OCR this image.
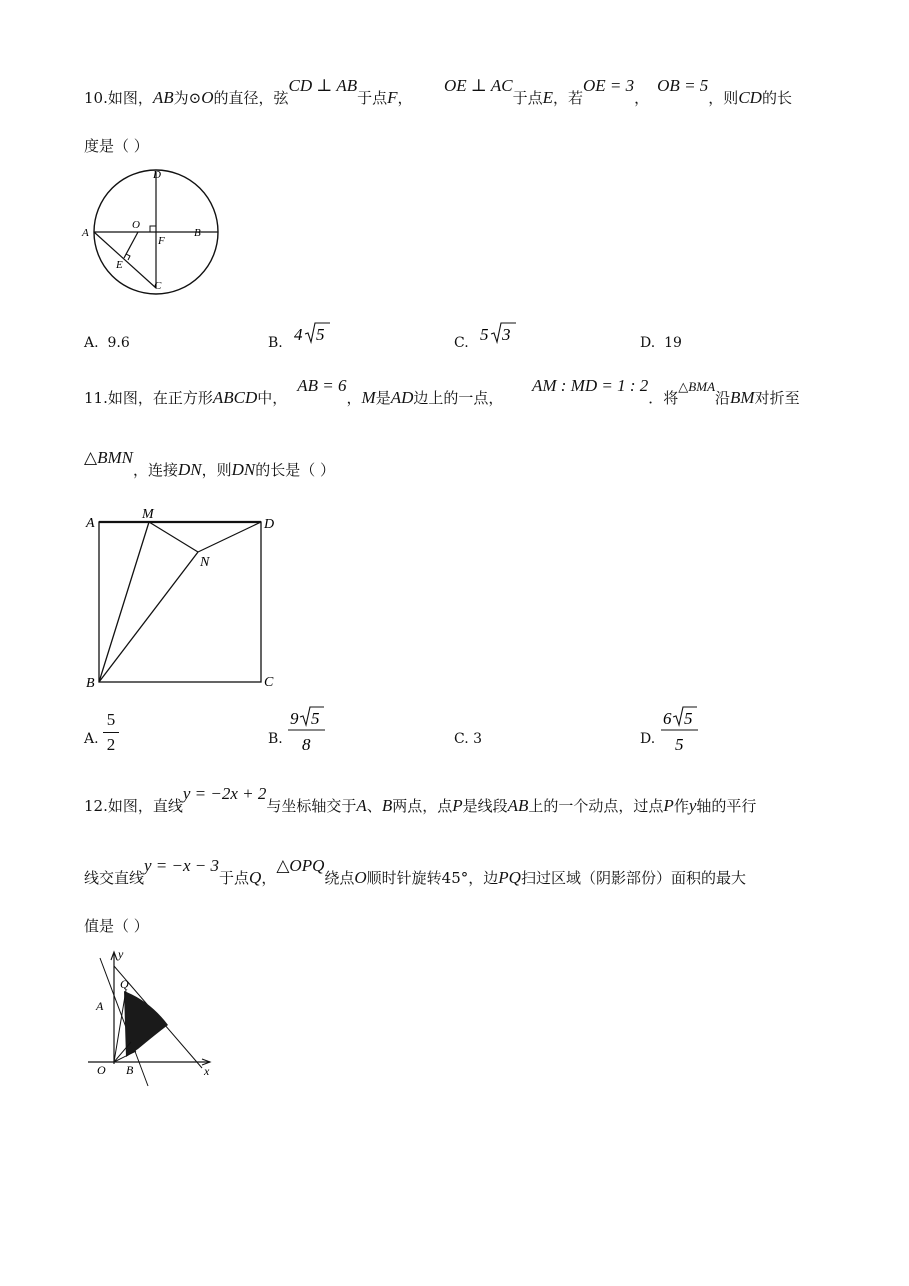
10.如图，AB为⊙O的直径，弦CD ⊥ AB于点F，
OE ⊥ AC于点E，若OE = 3，OB = 5，则CD的长
度是（ ）
D
A
O
F
B
E
C
A. 9.6	B. 4 5	C. 5 3	D. 19
11.如图，在正方形ABCD中，AB = 6，M是AD边上的一点，
AM : MD = 1 : 2．将△BMA沿BM对折至
△BMN，连接DN，则DN的长是（ ）
A
M
D
N
B	C
A.
5
2	B.
9 5
8	C. 3	D.
6 5
5
12.如图，直线y = −2x + 2与坐标轴交于A、B两点，点P是线段AB上的一个动点，过点P作y轴的平行
线交直线y = −x − 3于点Q，△OPQ绕点O顺时针旋转45°，边PQ扫过区域（阴影部份）面积的最大
值是（ ）
y
Q
A
O B	x
